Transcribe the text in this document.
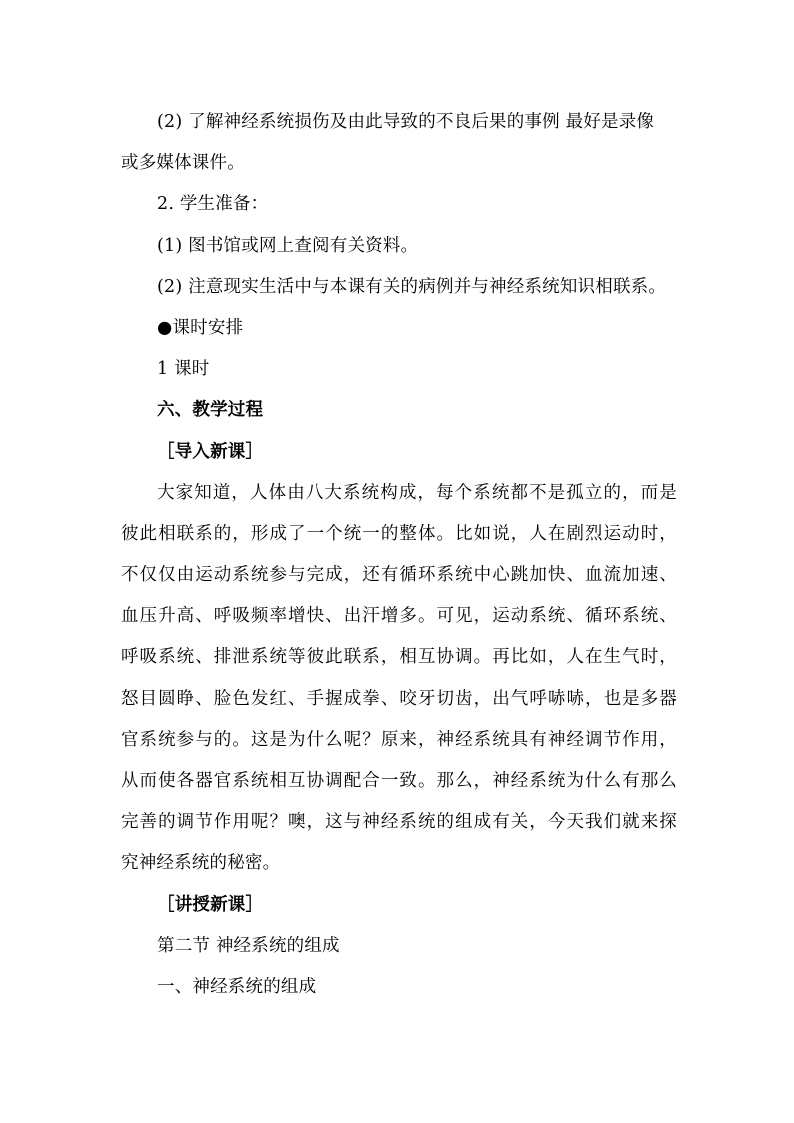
(2) 了解神经系统损伤及由此导致的不良后果的事例 最好是录像
或多媒体课件。
2. 学生准备：
(1) 图书馆或网上查阅有关资料。
(2) 注意现实生活中与本课有关的病例并与神经系统知识相联系。
●课时安排
1 课时
六、教学过程
［导入新课］
大家知道，人体由八大系统构成，每个系统都不是孤立的，而是
彼此相联系的，形成了一个统一的整体。比如说，人在剧烈运动时，
不仅仅由运动系统参与完成，还有循环系统中心跳加快、血流加速、
血压升高、呼吸频率增快、出汗增多。可见，运动系统、循环系统、
呼吸系统、排泄系统等彼此联系，相互协调。再比如，人在生气时，
怒目圆睁、脸色发红、手握成拳、咬牙切齿，出气呼哧哧，也是多器
官系统参与的。这是为什么呢？原来，神经系统具有神经调节作用，
从而使各器官系统相互协调配合一致。那么，神经系统为什么有那么
完善的调节作用呢？噢，这与神经系统的组成有关，今天我们就来探
究神经系统的秘密。
［讲授新课］
第二节 神经系统的组成
一、神经系统的组成
